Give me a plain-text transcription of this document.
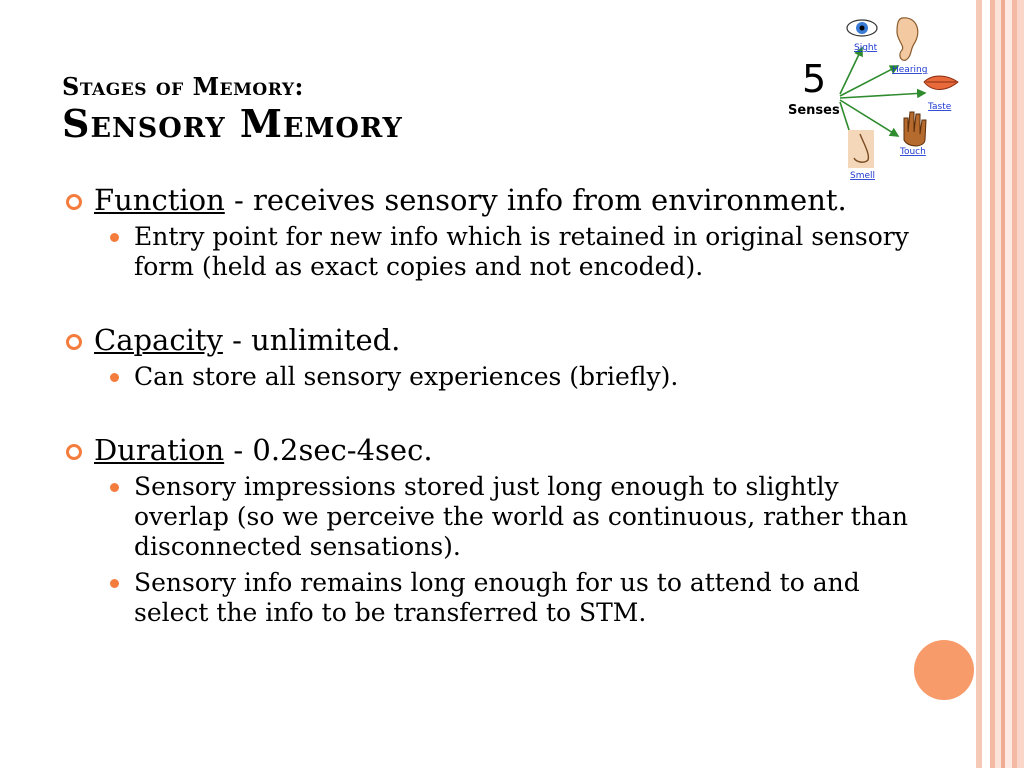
Stages of Memory:
Sensory Memory
5
Senses
Sight
Hearing
Taste
Touch
Smell
Function - receives sensory info from environment.
Entry point for new info which is retained in original sensory form (held as exact copies and not encoded).
Capacity - unlimited.
Can store all sensory experiences (briefly).
Duration - 0.2sec-4sec.
Sensory impressions stored just long enough to slightly overlap (so we perceive the world as continuous, rather than disconnected sensations).
Sensory info remains long enough for us to attend to and select the info to be transferred to STM.
